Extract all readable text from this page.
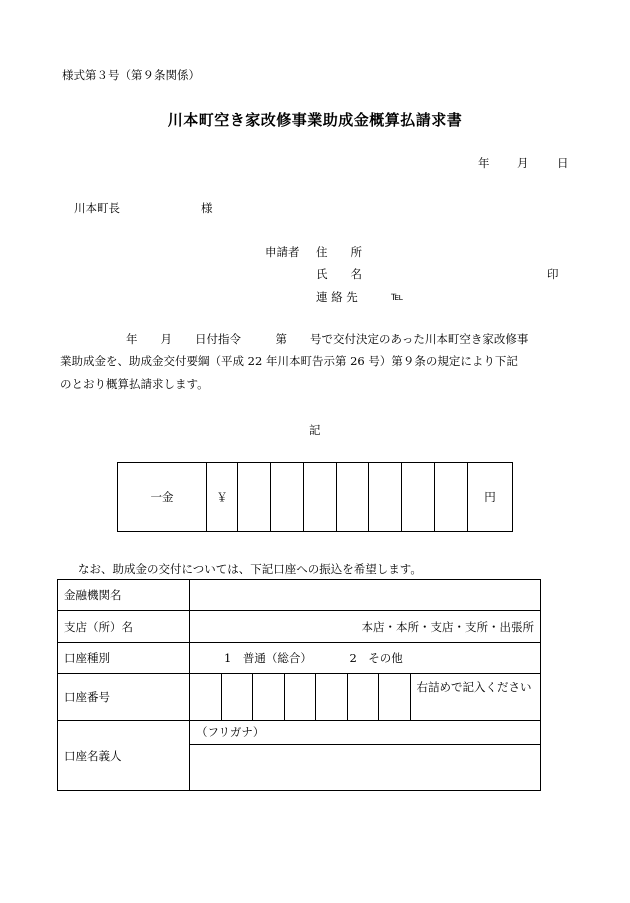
様式第３号（第９条関係）
川本町空き家改修事業助成金概算払請求書
年 月 日
川本町長	様
申請者 住　　所
氏　　名	印
連 絡 先	℡
年　　月　　日付指令　　　第　　号で交付決定のあった川本町空き家改修事
業助成金を、助成金交付要綱（平成 22 年川本町告示第 26 号）第９条の規定により下記
のとおり概算払請求します。
記
一金	￥	円
なお、助成金の交付については、下記口座への振込を希望します。
金融機関名	
支店（所）名	本店・本所・支店・支所・出張所
口座種別	1　普通（総合） 2　その他
口座番号	右詰めで記入ください

口座名義人	（フリガナ）
